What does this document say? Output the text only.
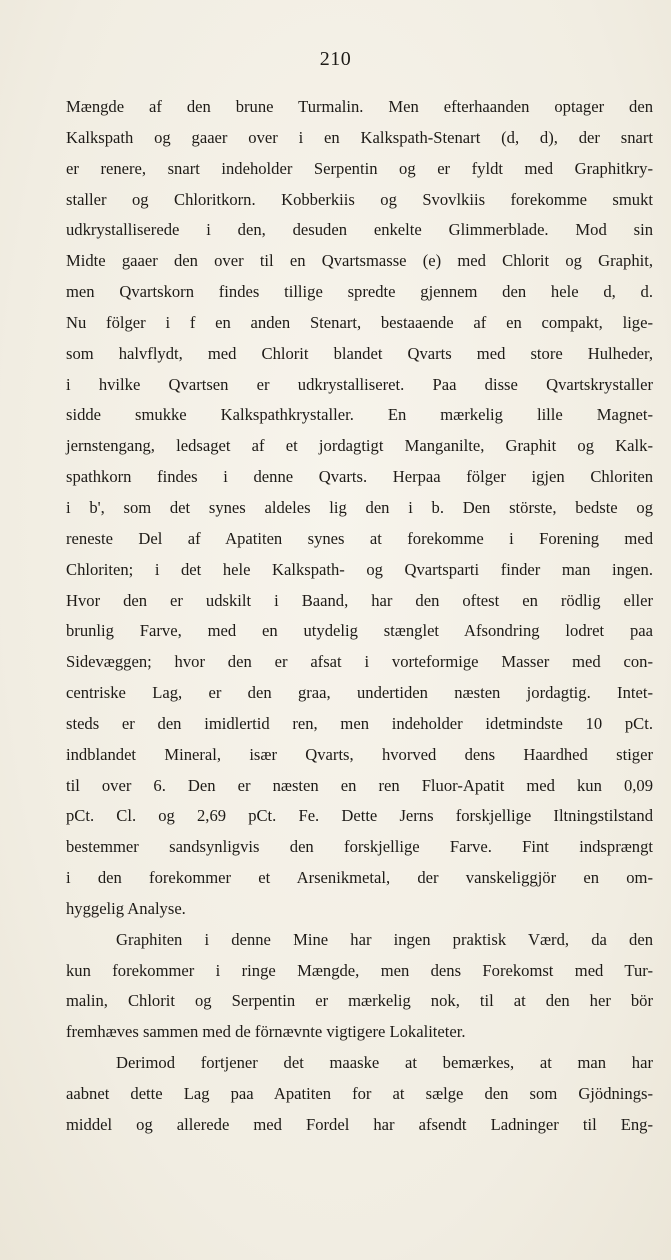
210
Mængde af den brune Turmalin. Men efterhaanden optager den
Kalkspath og gaaer over i en Kalkspath-Stenart (d, d), der snart
er renere, snart indeholder Serpentin og er fyldt med Graphitkry-
staller og Chloritkorn. Kobberkiis og Svovlkiis forekomme smukt
udkrystalliserede i den, desuden enkelte Glimmerblade. Mod sin
Midte gaaer den over til en Qvartsmasse (e) med Chlorit og Graphit,
men Qvartskorn findes tillige spredte gjennem den hele d, d.
Nu fölger i f en anden Stenart, bestaaende af en compakt, lige-
som halvflydt, med Chlorit blandet Qvarts med store Hulheder,
i hvilke Qvartsen er udkrystalliseret. Paa disse Qvartskrystaller
sidde smukke Kalkspathkrystaller. En mærkelig lille Magnet-
jernstengang, ledsaget af et jordagtigt Manganilte, Graphit og Kalk-
spathkorn findes i denne Qvarts. Herpaa fölger igjen Chloriten
i b', som det synes aldeles lig den i b. Den störste, bedste og
reneste Del af Apatiten synes at forekomme i Forening med
Chloriten; i det hele Kalkspath- og Qvartsparti finder man ingen.
Hvor den er udskilt i Baand, har den oftest en rödlig eller
brunlig Farve, med en utydelig stænglet Afsondring lodret paa
Sidevæggen; hvor den er afsat i vorteformige Masser med con-
centriske Lag, er den graa, undertiden næsten jordagtig. Intet-
steds er den imidlertid ren, men indeholder idetmindste 10 pCt.
indblandet Mineral, især Qvarts, hvorved dens Haardhed stiger
til over 6. Den er næsten en ren Fluor-Apatit med kun 0,09
pCt. Cl. og 2,69 pCt. Fe. Dette Jerns forskjellige Iltningstilstand
bestemmer sandsynligvis den forskjellige Farve. Fint indsprængt
i den forekommer et Arsenikmetal, der vanskeliggjör en om-
hyggelig Analyse.
Graphiten i denne Mine har ingen praktisk Værd, da den
kun forekommer i ringe Mængde, men dens Forekomst med Tur-
malin, Chlorit og Serpentin er mærkelig nok, til at den her bör
fremhæves sammen med de förnævnte vigtigere Lokaliteter.
Derimod fortjener det maaske at bemærkes, at man har
aabnet dette Lag paa Apatiten for at sælge den som Gjödnings-
middel og allerede med Fordel har afsendt Ladninger til Eng-
